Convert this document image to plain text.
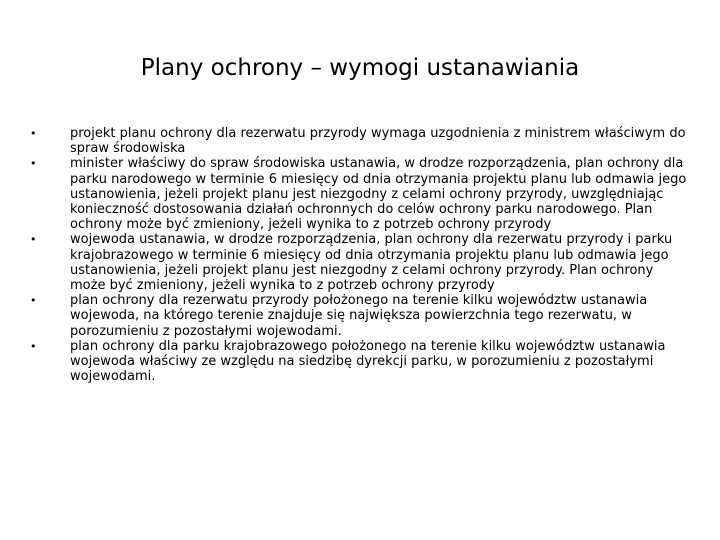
Plany ochrony – wymogi ustanawiania
•	projekt planu ochrony dla rezerwatu przyrody wymaga uzgodnienia z ministrem właściwym do spraw środowiska
•	minister właściwy do spraw środowiska ustanawia, w drodze rozporządzenia, plan ochrony dla parku narodowego w terminie 6 miesięcy od dnia otrzymania projektu planu lub odmawia jego ustanowienia, jeżeli projekt planu jest niezgodny z celami ochrony przyrody, uwzględniając konieczność dostosowania działań ochronnych do celów ochrony parku narodowego. Plan ochrony może być zmieniony, jeżeli wynika to z potrzeb ochrony przyrody
•	wojewoda ustanawia, w drodze rozporządzenia, plan ochrony dla rezerwatu przyrody i parku krajobrazowego w terminie 6 miesięcy od dnia otrzymania projektu planu lub odmawia jego ustanowienia, jeżeli projekt planu jest niezgodny z celami ochrony przyrody. Plan ochrony może być zmieniony, jeżeli wynika to z potrzeb ochrony przyrody
•	plan ochrony dla rezerwatu przyrody położonego na terenie kilku województw ustanawia wojewoda, na którego terenie znajduje się największa powierzchnia tego rezerwatu, w porozumieniu z pozostałymi wojewodami.
•	plan ochrony dla parku krajobrazowego położonego na terenie kilku województw ustanawia wojewoda właściwy ze względu na siedzibę dyrekcji parku, w porozumieniu z pozostałymi wojewodami.
